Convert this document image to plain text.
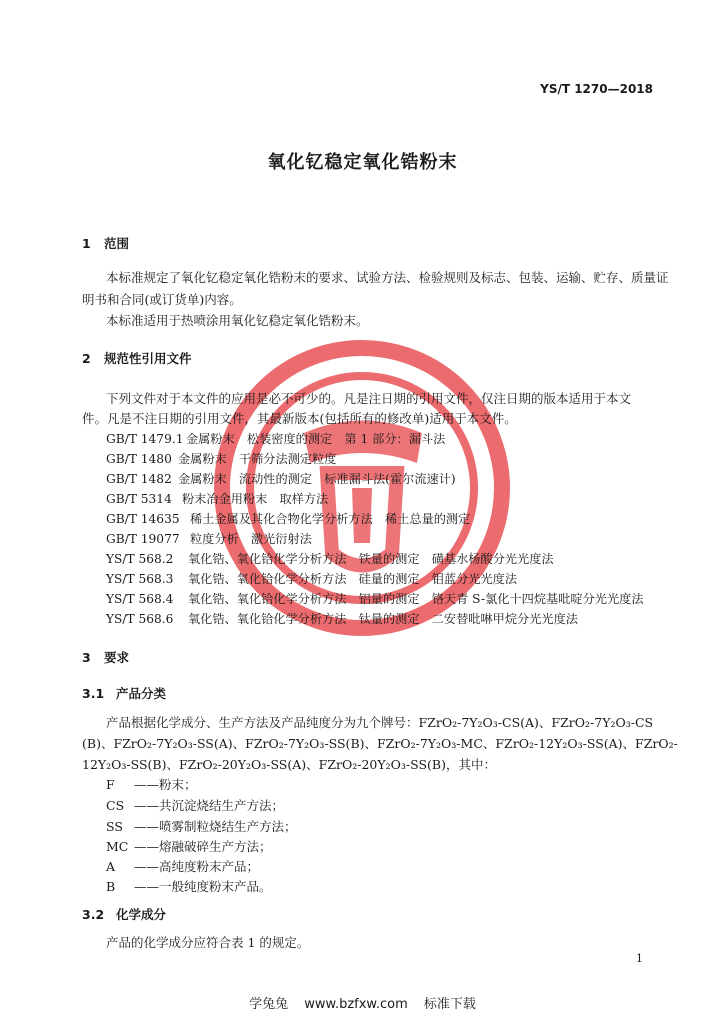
YS/T 1270—2018
氧化钇稳定氧化锆粉末
1 范围
本标准规定了氧化钇稳定氧化锆粉末的要求、试验方法、检验规则及标志、包装、运输、贮存、质量证
明书和合同(或订货单)内容。
本标准适用于热喷涂用氧化钇稳定氧化锆粉末。
2 规范性引用文件
下列文件对于本文件的应用是必不可少的。凡是注日期的引用文件，仅注日期的版本适用于本文
件。凡是不注日期的引用文件，其最新版本(包括所有的修改单)适用于本文件。
GB/T 1479.1 金属粉末　松装密度的测定　第 1 部分：漏斗法
GB/T 1480 金属粉末　干筛分法测定粒度
GB/T 1482 金属粉末　流动性的测定　标准漏斗法(霍尔流速计)
GB/T 5314 粉末冶金用粉末　取样方法
GB/T 14635 稀土金属及其化合物化学分析方法　稀土总量的测定
GB/T 19077 粒度分析　激光衍射法
YS/T 568.2 氧化锆、氧化铪化学分析方法　铁量的测定　磺基水杨酸分光光度法
YS/T 568.3 氧化锆、氧化铪化学分析方法　硅量的测定　钼蓝分光光度法
YS/T 568.4 氧化锆、氧化铪化学分析方法　铝量的测定　铬天青 S-氯化十四烷基吡啶分光光度法
YS/T 568.6 氧化锆、氧化铪化学分析方法　钛量的测定　二安替吡啉甲烷分光光度法
3 要求
3.1 产品分类
产品根据化学成分、生产方法及产品纯度分为九个牌号：FZrO₂-7Y₂O₃-CS(A)、FZrO₂-7Y₂O₃-CS
(B)、FZrO₂-7Y₂O₃-SS(A)、FZrO₂-7Y₂O₃-SS(B)、FZrO₂-7Y₂O₃-MC、FZrO₂-12Y₂O₃-SS(A)、FZrO₂-
12Y₂O₃-SS(B)、FZrO₂-20Y₂O₃-SS(A)、FZrO₂-20Y₂O₃-SS(B)，其中：
F ——粉末；
CS ——共沉淀烧结生产方法；
SS ——喷雾制粒烧结生产方法；
MC ——熔融破碎生产方法；
A ——高纯度粉末产品；
B ——一般纯度粉末产品。
3.2 化学成分
产品的化学成分应符合表 1 的规定。
1
学兔兔 www.bzfxw.com 标准下载
